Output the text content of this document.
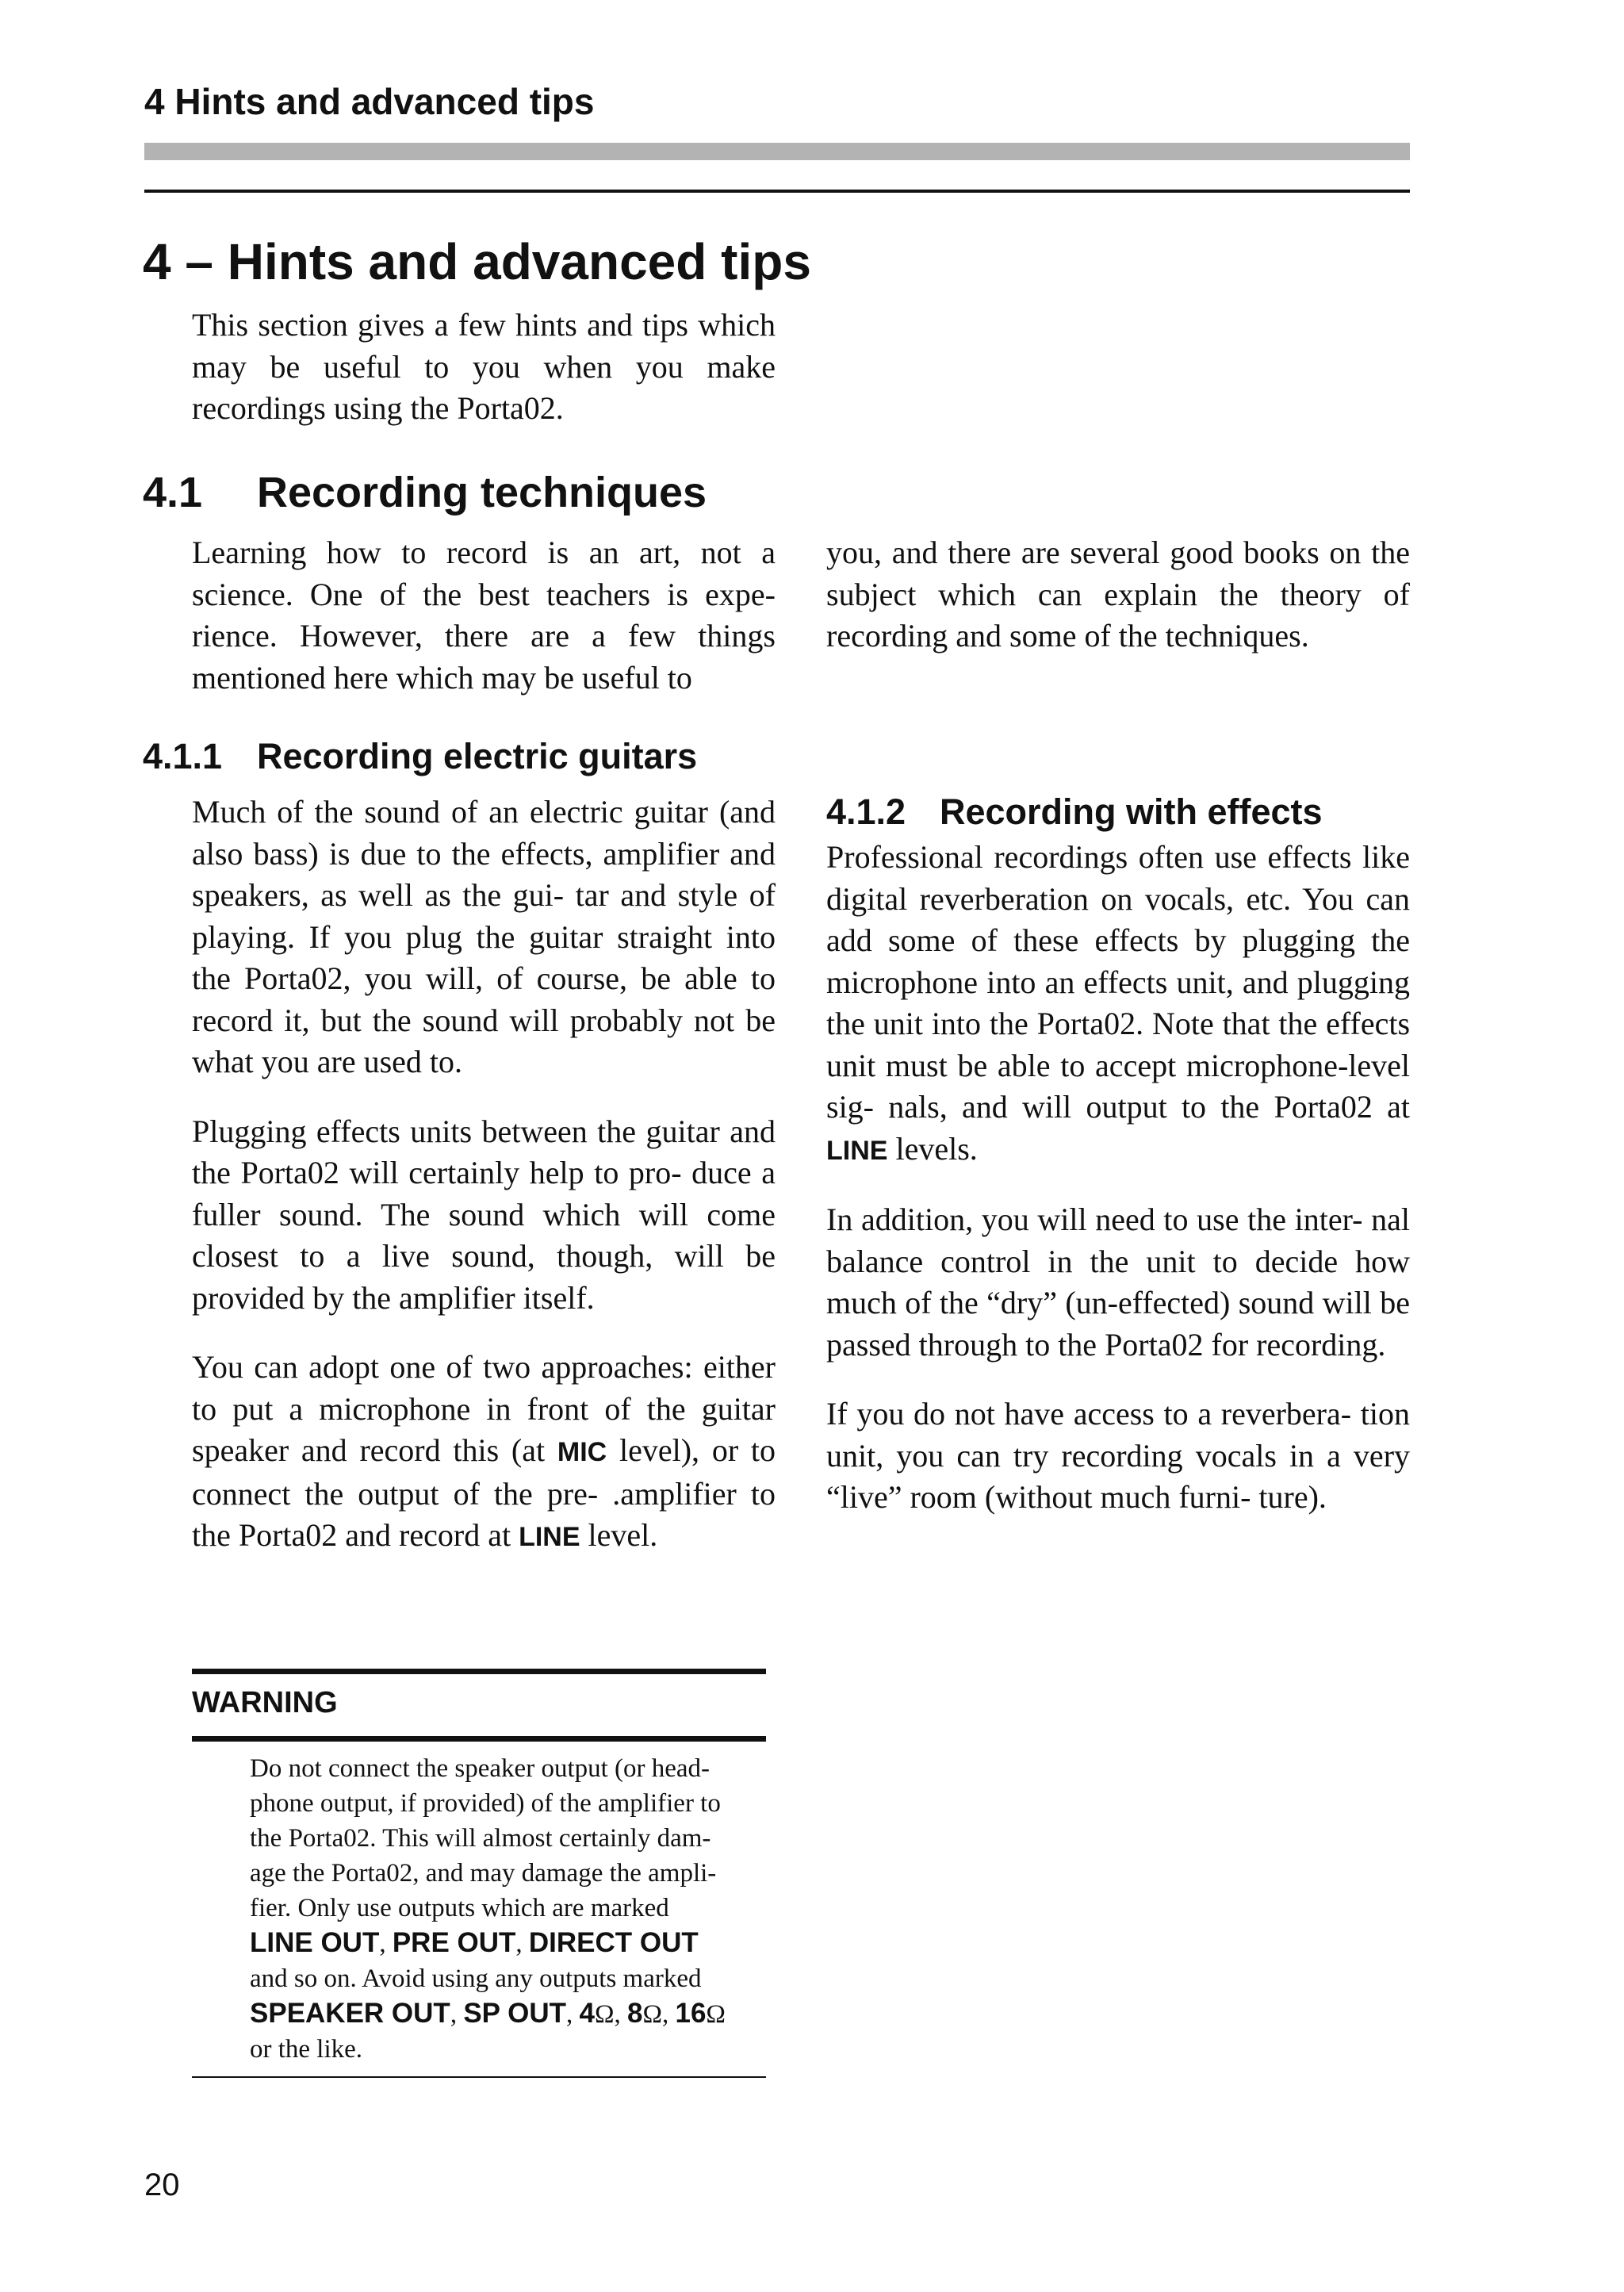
4 Hints and advanced tips
4 – Hints and advanced tips

This section gives a few hints and tips which may be useful to you when you make recordings using the Porta02.

4.1 Recording techniques

Learning how to record is an art, not a science. One of the best teachers is expe- rience. However, there are a few things mentioned here which may be useful to

you, and there are several good books on the subject which can explain the theory of recording and some of the techniques.

4.1.1 Recording electric guitars

Much of the sound of an electric guitar (and also bass) is due to the effects, amplifier and speakers, as well as the gui- tar and style of playing. If you plug the guitar straight into the Porta02, you will, of course, be able to record it, but the sound will probably not be what you are used to.

Plugging effects units between the guitar and the Porta02 will certainly help to pro- duce a fuller sound. The sound which will come closest to a live sound, though, will be provided by the amplifier itself.

You can adopt one of two approaches: either to put a microphone in front of the guitar speaker and record this (at MIC level), or to connect the output of the pre- .amplifier to the Porta02 and record at LINE level.

WARNING
Do not connect the speaker output (or head-
phone output, if provided) of the amplifier to
the Porta02. This will almost certainly dam-
age the Porta02, and may damage the ampli-
fier. Only use outputs which are marked
LINE OUT, PRE OUT, DIRECT OUT
and so on. Avoid using any outputs marked
SPEAKER OUT, SP OUT, 4Ω, 8Ω, 16Ω
or the like.
4.1.2 Recording with effects

Professional recordings often use effects like digital reverberation on vocals, etc. You can add some of these effects by plugging the microphone into an effects unit, and plugging the unit into the Porta02. Note that the effects unit must be able to accept microphone-level sig- nals, and will output to the Porta02 at LINE levels.

In addition, you will need to use the inter- nal balance control in the unit to decide how much of the “dry” (un-effected) sound will be passed through to the Porta02 for recording.

If you do not have access to a reverbera- tion unit, you can try recording vocals in a very “live” room (without much furni- ture).

20
